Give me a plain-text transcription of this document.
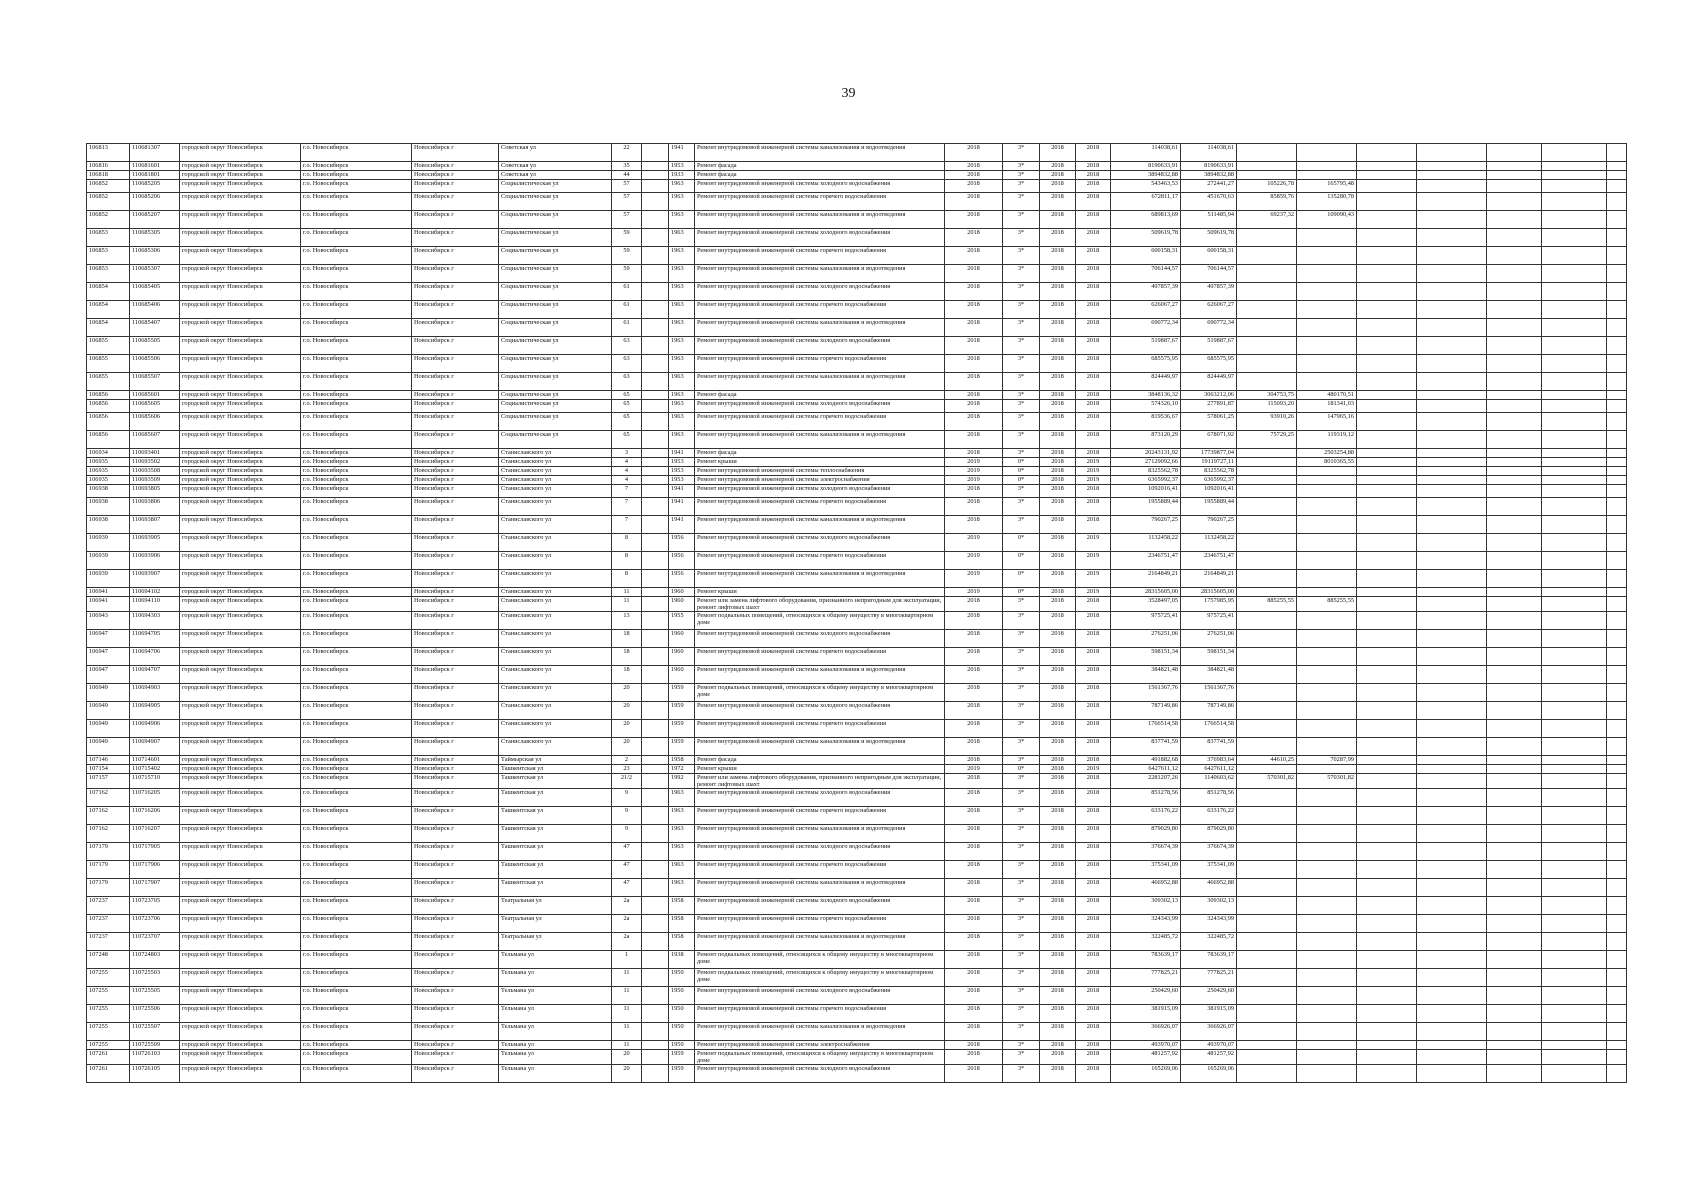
39
106813	110681307	городской округ Новосибирск	г.о. Новосибирск	Новосибирск г	Советская ул	22		1941	Ремонт внутридомовой инженерной системы канализования и водоотведения	2018	3*	2018	2018	114038,61	114038,61							
106816	110681601	городской округ Новосибирск	г.о. Новосибирск	Новосибирск г	Советская ул	35		1953	Ремонт фасада	2018	3*	2018	2018	8190633,91	8190633,91							
106818	110681801	городской округ Новосибирск	г.о. Новосибирск	Новосибирск г	Советская ул	44		1933	Ремонт фасада	2018	3*	2018	2018	3894832,88	3894832,88							
106852	110685205	городской округ Новосибирск	г.о. Новосибирск	Новосибирск г	Социалистическая ул	57		1963	Ремонт внутридомовой инженерной системы холодного водоснабжения	2018	3*	2018	2018	543463,53	272441,27	105226,78	165795,48					
106852	110685206	городской округ Новосибирск	г.о. Новосибирск	Новосибирск г	Социалистическая ул	57		1963	Ремонт внутридомовой инженерной системы горячего водоснабжения	2018	3*	2018	2018	672811,17	451670,63	85859,76	135280,78					
106852	110685207	городской округ Новосибирск	г.о. Новосибирск	Новосибирск г	Социалистическая ул	57		1963	Ремонт внутридомовой инженерной системы канализования и водоотведения	2018	3*	2018	2018	689813,69	511485,94	69237,32	109090,43					
106853	110685305	городской округ Новосибирск	г.о. Новосибирск	Новосибирск г	Социалистическая ул	59		1963	Ремонт внутридомовой инженерной системы холодного водоснабжения	2018	3*	2018	2018	509619,78	509619,78							
106853	110685306	городской округ Новосибирск	г.о. Новосибирск	Новосибирск г	Социалистическая ул	59		1963	Ремонт внутридомовой инженерной системы горячего водоснабжения	2018	3*	2018	2018	600158,31	600158,31							
106853	110685307	городской округ Новосибирск	г.о. Новосибирск	Новосибирск г	Социалистическая ул	59		1963	Ремонт внутридомовой инженерной системы канализования и водоотведения	2018	3*	2018	2018	706144,57	706144,57							
106854	110685405	городской округ Новосибирск	г.о. Новосибирск	Новосибирск г	Социалистическая ул	61		1963	Ремонт внутридомовой инженерной системы холодного водоснабжения	2018	3*	2018	2018	497857,39	497857,39							
106854	110685406	городской округ Новосибирск	г.о. Новосибирск	Новосибирск г	Социалистическая ул	61		1963	Ремонт внутридомовой инженерной системы горячего водоснабжения	2018	3*	2018	2018	626067,27	626067,27							
106854	110685407	городской округ Новосибирск	г.о. Новосибирск	Новосибирск г	Социалистическая ул	61		1963	Ремонт внутридомовой инженерной системы канализования и водоотведения	2018	3*	2018	2018	690772,34	690772,34							
106855	110685505	городской округ Новосибирск	г.о. Новосибирск	Новосибирск г	Социалистическая ул	63		1963	Ремонт внутридомовой инженерной системы холодного водоснабжения	2018	3*	2018	2018	519887,67	519887,67							
106855	110685506	городской округ Новосибирск	г.о. Новосибирск	Новосибирск г	Социалистическая ул	63		1963	Ремонт внутридомовой инженерной системы горячего водоснабжения	2018	3*	2018	2018	685575,95	685575,95							
106855	110685507	городской округ Новосибирск	г.о. Новосибирск	Новосибирск г	Социалистическая ул	63		1963	Ремонт внутридомовой инженерной системы канализования и водоотведения	2018	3*	2018	2018	824449,97	824449,97							
106856	110685601	городской округ Новосибирск	г.о. Новосибирск	Новосибирск г	Социалистическая ул	65		1963	Ремонт фасада	2018	3*	2018	2018	3848136,32	3063212,06	304753,75	480170,51					
106856	110685605	городской округ Новосибирск	г.о. Новосибирск	Новосибирск г	Социалистическая ул	65		1963	Ремонт внутридомовой инженерной системы холодного водоснабжения	2018	3*	2018	2018	574326,10	277891,87	115093,20	181341,03					
106856	110685606	городской округ Новосибирск	г.о. Новосибирск	Новосибирск г	Социалистическая ул	65		1963	Ремонт внутридомовой инженерной системы горячего водоснабжения	2018	3*	2018	2018	819536,67	578061,25	93910,26	147965,16					
106856	110685607	городской округ Новосибирск	г.о. Новосибирск	Новосибирск г	Социалистическая ул	65		1963	Ремонт внутридомовой инженерной системы канализования и водоотведения	2018	3*	2018	2018	873120,29	678071,92	75729,25	119319,12					
106934	110693401	городской округ Новосибирск	г.о. Новосибирск	Новосибирск г	Станиславского ул	3		1941	Ремонт фасада	2018	3*	2018	2018	20243131,92	17739877,04		2503254,88					
106935	110693502	городской округ Новосибирск	г.о. Новосибирск	Новосибирск г	Станиславского ул	4		1953	Ремонт крыши	2019	0*	2018	2019	27129092,66	19119727,11		8010365,55					
106935	110693508	городской округ Новосибирск	г.о. Новосибирск	Новосибирск г	Станиславского ул	4		1953	Ремонт внутридомовой инженерной системы теплоснабжения	2019	0*	2018	2019	8325562,78	8325562,78							
106935	110693509	городской округ Новосибирск	г.о. Новосибирск	Новосибирск г	Станиславского ул	4		1953	Ремонт внутридомовой инженерной системы электроснабжения	2019	0*	2018	2019	6365992,37	6365992,37							
106938	110693805	городской округ Новосибирск	г.о. Новосибирск	Новосибирск г	Станиславского ул	7		1941	Ремонт внутридомовой инженерной системы холодного водоснабжения	2018	3*	2018	2018	1092016,41	1092016,41							
106938	110693806	городской округ Новосибирск	г.о. Новосибирск	Новосибирск г	Станиславского ул	7		1941	Ремонт внутридомовой инженерной системы горячего водоснабжения	2018	3*	2018	2018	1955889,44	1955889,44							
106938	110693807	городской округ Новосибирск	г.о. Новосибирск	Новосибирск г	Станиславского ул	7		1941	Ремонт внутридомовой инженерной системы канализования и водоотведения	2018	3*	2018	2018	790267,25	790267,25							
106939	110693905	городской округ Новосибирск	г.о. Новосибирск	Новосибирск г	Станиславского ул	8		1956	Ремонт внутридомовой инженерной системы холодного водоснабжения	2019	0*	2018	2019	1132458,22	1132458,22							
106939	110693906	городской округ Новосибирск	г.о. Новосибирск	Новосибирск г	Станиславского ул	8		1956	Ремонт внутридомовой инженерной системы горячего водоснабжения	2019	0*	2018	2019	2346751,47	2346751,47							
106939	110693907	городской округ Новосибирск	г.о. Новосибирск	Новосибирск г	Станиславского ул	8		1956	Ремонт внутридомовой инженерной системы канализования и водоотведения	2019	0*	2018	2019	2164849,21	2164849,21							
106941	110694102	городской округ Новосибирск	г.о. Новосибирск	Новосибирск г	Станиславского ул	11		1960	Ремонт крыши	2019	0*	2018	2019	28315605,00	28315605,00							
106941	110694110	городской округ Новосибирск	г.о. Новосибирск	Новосибирск г	Станиславского ул	11		1960	Ремонт или замена лифтового оборудования, признанного непригодным для эксплуатации, ремонт лифтовых шахт	2018	3*	2018	2018	3528497,05	1757985,95	885255,55	885255,55					
106943	110694303	городской округ Новосибирск	г.о. Новосибирск	Новосибирск г	Станиславского ул	13		1955	Ремонт подвальных помещений, относящихся к общему имуществу в многоквартирном доме	2018	3*	2018	2018	975725,41	975725,41							
106947	110694705	городской округ Новосибирск	г.о. Новосибирск	Новосибирск г	Станиславского ул	18		1960	Ремонт внутридомовой инженерной системы холодного водоснабжения	2018	3*	2018	2018	276251,06	276251,06							
106947	110694706	городской округ Новосибирск	г.о. Новосибирск	Новосибирск г	Станиславского ул	18		1960	Ремонт внутридомовой инженерной системы горячего водоснабжения	2018	3*	2018	2018	598151,34	598151,34							
106947	110694707	городской округ Новосибирск	г.о. Новосибирск	Новосибирск г	Станиславского ул	18		1960	Ремонт внутридомовой инженерной системы канализования и водоотведения	2018	3*	2018	2018	384821,48	384821,48							
106949	110694903	городской округ Новосибирск	г.о. Новосибирск	Новосибирск г	Станиславского ул	20		1959	Ремонт подвальных помещений, относящихся к общему имуществу в многоквартирном доме	2018	3*	2018	2018	1561367,76	1561367,76							
106949	110694905	городской округ Новосибирск	г.о. Новосибирск	Новосибирск г	Станиславского ул	20		1959	Ремонт внутридомовой инженерной системы холодного водоснабжения	2018	3*	2018	2018	787149,86	787149,86							
106949	110694906	городской округ Новосибирск	г.о. Новосибирск	Новосибирск г	Станиславского ул	20		1959	Ремонт внутридомовой инженерной системы горячего водоснабжения	2018	3*	2018	2018	1766514,58	1766514,58							
106949	110694907	городской округ Новосибирск	г.о. Новосибирск	Новосибирск г	Станиславского ул	20		1959	Ремонт внутридомовой инженерной системы канализования и водоотведения	2018	3*	2018	2018	837741,59	837741,59							
107146	110714601	городской округ Новосибирск	г.о. Новосибирск	Новосибирск г	Таймырская ул	2		1958	Ремонт фасада	2018	3*	2018	2018	491882,68	376983,64	44610,25	70287,99					
107154	110715402	городской округ Новосибирск	г.о. Новосибирск	Новосибирск г	Ташкентская ул	23		1972	Ремонт крыши	2019	0*	2018	2019	6427611,12	6427611,12							
107157	110715710	городской округ Новосибирск	г.о. Новосибирск	Новосибирск г	Ташкентская ул	21/2		1992	Ремонт или замена лифтового оборудования, признанного непригодным для эксплуатации, ремонт лифтовых шахт	2018	3*	2018	2018	2281207,26	1140603,62	570301,82	570301,82					
107162	110716205	городской округ Новосибирск	г.о. Новосибирск	Новосибирск г	Ташкентская ул	9		1963	Ремонт внутридомовой инженерной системы холодного водоснабжения	2018	3*	2018	2018	851278,56	851278,56							
107162	110716206	городской округ Новосибирск	г.о. Новосибирск	Новосибирск г	Ташкентская ул	9		1963	Ремонт внутридомовой инженерной системы горячего водоснабжения	2018	3*	2018	2018	633176,22	633176,22							
107162	110716207	городской округ Новосибирск	г.о. Новосибирск	Новосибирск г	Ташкентская ул	9		1963	Ремонт внутридомовой инженерной системы канализования и водоотведения	2018	3*	2018	2018	879029,80	879029,80							
107179	110717905	городской округ Новосибирск	г.о. Новосибирск	Новосибирск г	Ташкентская ул	47		1963	Ремонт внутридомовой инженерной системы холодного водоснабжения	2018	3*	2018	2018	376674,39	376674,39							
107179	110717906	городской округ Новосибирск	г.о. Новосибирск	Новосибирск г	Ташкентская ул	47		1963	Ремонт внутридомовой инженерной системы горячего водоснабжения	2018	3*	2018	2018	375341,09	375341,09							
107179	110717907	городской округ Новосибирск	г.о. Новосибирск	Новосибирск г	Ташкентская ул	47		1963	Ремонт внутридомовой инженерной системы канализования и водоотведения	2018	3*	2018	2018	466952,88	466952,88							
107237	110723705	городской округ Новосибирск	г.о. Новосибирск	Новосибирск г	Театральная ул	2а		1958	Ремонт внутридомовой инженерной системы холодного водоснабжения	2018	3*	2018	2018	309302,13	309302,13							
107237	110723706	городской округ Новосибирск	г.о. Новосибирск	Новосибирск г	Театральная ул	2а		1958	Ремонт внутридомовой инженерной системы горячего водоснабжения	2018	3*	2018	2018	324343,99	324343,99							
107237	110723707	городской округ Новосибирск	г.о. Новосибирск	Новосибирск г	Театральная ул	2а		1958	Ремонт внутридомовой инженерной системы канализования и водоотведения	2018	3*	2018	2018	322485,72	322485,72							
107248	110724803	городской округ Новосибирск	г.о. Новосибирск	Новосибирск г	Тельмана ул	1		1938	Ремонт подвальных помещений, относящихся к общему имуществу в многоквартирном доме	2018	3*	2018	2018	783639,17	783639,17							
107255	110725503	городской округ Новосибирск	г.о. Новосибирск	Новосибирск г	Тельмана ул	11		1950	Ремонт подвальных помещений, относящихся к общему имуществу в многоквартирном доме	2018	3*	2018	2018	777825,21	777825,21							
107255	110725505	городской округ Новосибирск	г.о. Новосибирск	Новосибирск г	Тельмана ул	11		1950	Ремонт внутридомовой инженерной системы холодного водоснабжения	2018	3*	2018	2018	250429,60	250429,60							
107255	110725506	городской округ Новосибирск	г.о. Новосибирск	Новосибирск г	Тельмана ул	11		1950	Ремонт внутридомовой инженерной системы горячего водоснабжения	2018	3*	2018	2018	381915,09	381915,09							
107255	110725507	городской округ Новосибирск	г.о. Новосибирск	Новосибирск г	Тельмана ул	11		1950	Ремонт внутридомовой инженерной системы канализования и водоотведения	2018	3*	2018	2018	366926,07	366926,07							
107255	110725509	городской округ Новосибирск	г.о. Новосибирск	Новосибирск г	Тельмана ул	11		1950	Ремонт внутридомовой инженерной системы электроснабжения	2018	3*	2018	2018	493970,07	493970,07							
107261	110726103	городской округ Новосибирск	г.о. Новосибирск	Новосибирск г	Тельмана ул	20		1959	Ремонт подвальных помещений, относящихся к общему имуществу в многоквартирном доме	2018	3*	2018	2018	481257,92	481257,92							
107261	110726105	городской округ Новосибирск	г.о. Новосибирск	Новосибирск г	Тельмана ул	20		1959	Ремонт внутридомовой инженерной системы холодного водоснабжения	2018	3*	2018	2018	165269,06	165269,06							
